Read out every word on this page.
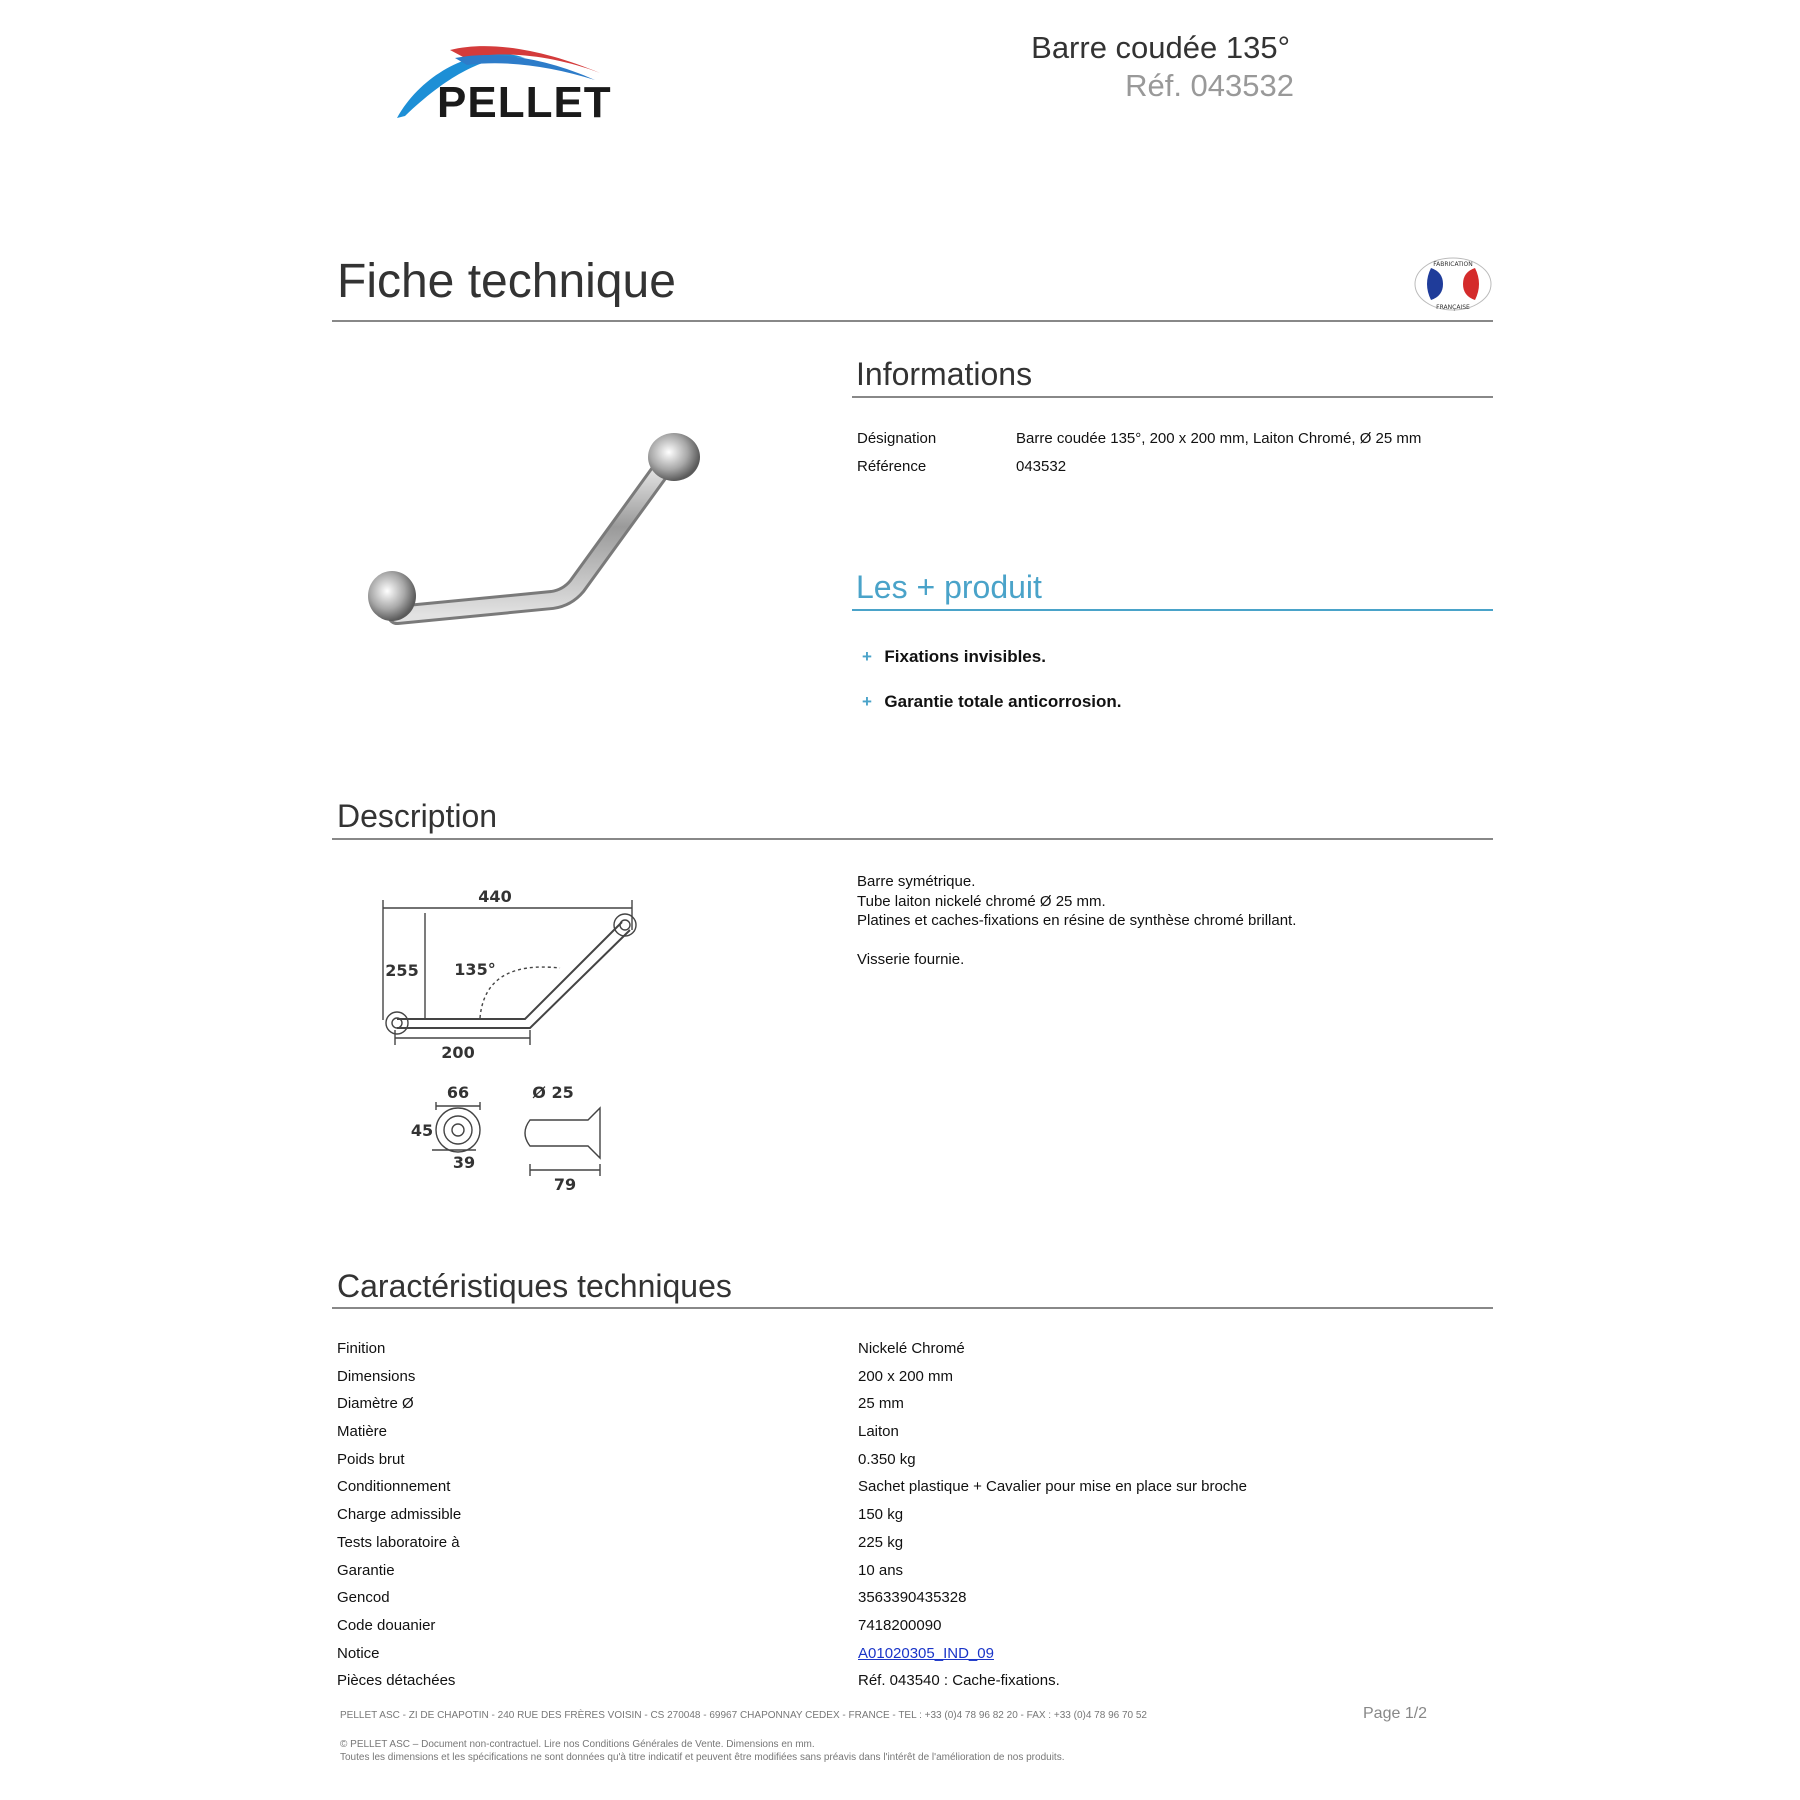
PELLET
Barre coudée 135°
Réf. 043532
Fiche technique	FABRICATION
FRANÇAISE
Informations
Désignation	Barre coudée 135°, 200 x 200 mm, Laiton Chromé, Ø 25 mm
Référence	043532
Les + produit
+ Fixations invisibles.
+ Garantie totale anticorrosion.
Description
440
255 135°
200
66
45
39
Ø 25
79
Barre symétrique.
Tube laiton nickelé chromé Ø 25 mm.
Platines et caches-fixations en résine de synthèse chromé brillant.
Visserie fournie.
Caractéristiques techniques
Finition	Nickelé Chromé
Dimensions	200 x 200 mm
Diamètre Ø	25 mm
Matière	Laiton
Poids brut	0.350 kg
Conditionnement	Sachet plastique + Cavalier pour mise en place sur broche
Charge admissible	150 kg
Tests laboratoire à	225 kg
Garantie	10 ans
Gencod	3563390435328
Code douanier	7418200090
Notice	A01020305_IND_09
Pièces détachées	Réf. 043540 : Cache-fixations.
PELLET ASC - ZI DE CHAPOTIN - 240 RUE DES FRÈRES VOISIN - CS 270048 - 69967 CHAPONNAY CEDEX - FRANCE - TEL : +33 (0)4 78 96 82 20 - FAX : +33 (0)4 78 96 70 52	Page 1/2
© PELLET ASC – Document non-contractuel. Lire nos Conditions Générales de Vente. Dimensions en mm.
Toutes les dimensions et les spécifications ne sont données qu'à titre indicatif et peuvent être modifiées sans préavis dans l'intérêt de l'amélioration de nos produits.
